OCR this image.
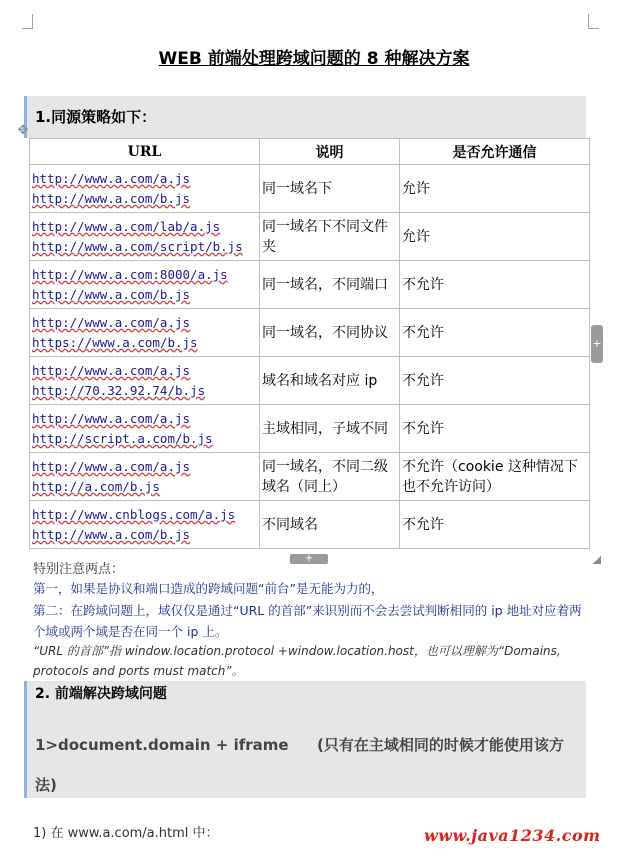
WEB 前端处理跨域问题的 8 种解决方案
1.同源策略如下：
✥
URL	说明	是否允许通信

http://www.a.com/a.js
http://www.a.com/b.js	同一域名下	允许

http://www.a.com/lab/a.js
http://www.a.com/script/b.js	同一域名下不同文件夹	允许

http://www.a.com:8000/a.js
http://www.a.com/b.js	同一域名，不同端口	不允许

http://www.a.com/a.js
https://www.a.com/b.js	同一域名，不同协议	不允许

http://www.a.com/a.js
http://70.32.92.74/b.js	域名和域名对应 ip	不允许

http://www.a.com/a.js
http://script.a.com/b.js	主域相同，子域不同	不允许

http://www.a.com/a.js
http://a.com/b.js	同一域名，不同二级域名（同上）	不允许（cookie 这种情况下也不允许访问）

http://www.cnblogs.com/a.js
http://www.a.com/b.js	不同域名	不允许
+
+
特别注意两点：
第一，如果是协议和端口造成的跨域问题“前台”是无能为力的，
第二：在跨域问题上，域仅仅是通过“URL 的首部”来识别而不会去尝试判断相同的 ip 地址对应着两个域或两个域是否在同一个 ip 上。
“URL 的首部”指 window.location.protocol +window.location.host，也可以理解为“Domains, protocols and ports must match”。
2. 前端解决跨域问题
1>document.domain + iframe (只有在主域相同的时候才能使用该方法)
1) 在 www.a.com/a.html 中：	www.java1234.com
